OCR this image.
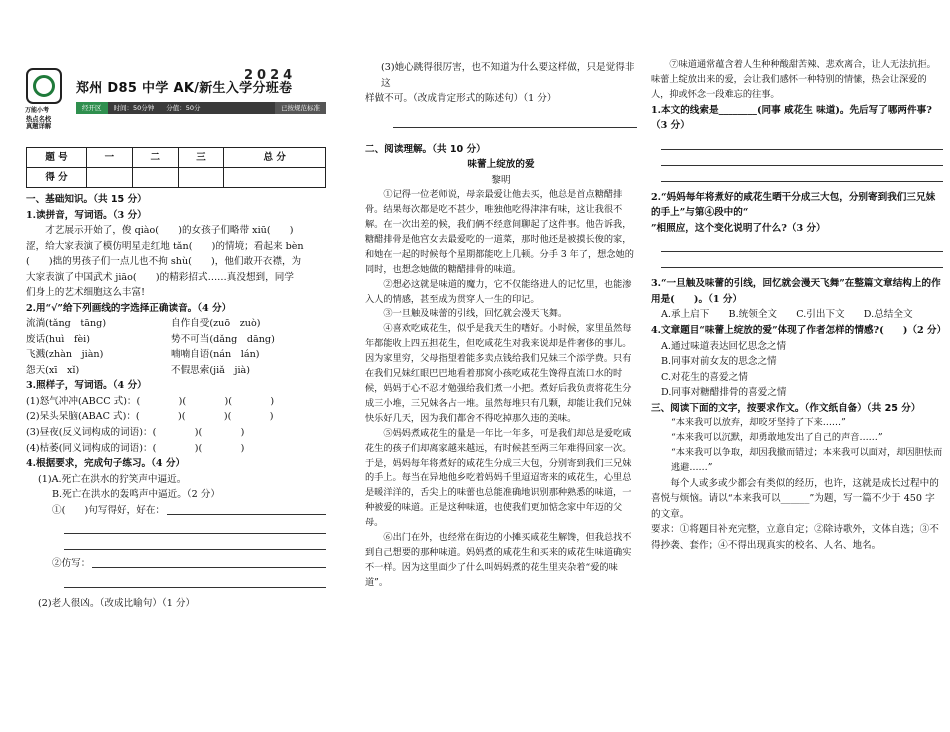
万能小考
热点名校
真题详解
2024
郑州 D85 中学 AK/新生入学分班卷
经开区	时间：50分钟	分值：50分	已按规范标准
题 号	一	二	三	总 分
得 分				
一、基础知识。（共 15 分）
1.读拼音，写词语。（3 分）
才艺展示开始了，俊 qiào(　　)的女孩子们略带 xiū(　　)
涩，给大家表演了模仿明星走红地 tǎn(　　)的情境；看起来 bèn
(　　)拙的男孩子们一点儿也不拘 shù(　　)，他们敢开衣襟，为
大家表演了中国武术 jiāo(　　)的精彩招式……真没想到，同学
们身上的艺术细胞这么丰富!
2.用“√”给下列画线的字选择正确读音。（4 分）
流淌(tǎng　tāng)	自作自受(zuō　zuò)
废话(huì　fèi)	势不可当(dǎng　dāng)
飞溅(zhàn　jiàn)	喃喃自语(nán　lán)
怨天(xī　xǐ)	不假思索(jiǎ　jià)
3.照样子，写词语。（4 分）
(1)怒气冲冲(ABCC 式)：(　　　　)(　　　　)(　　　　)
(2)呆头呆脑(ABAC 式)：(　　　　)(　　　　)(　　　　)
(3)昼夜(反义词构成的词语)：(　　　　)(　　　　)
(4)枯萎(同义词构成的词语)：(　　　　)(　　　　)
4.根据要求，完成句子练习。（4 分）
(1)A.死亡在洪水的狞笑声中逼近。
B.死亡在洪水的轰鸣声中逼近。（2 分）
①(　　)句写得好，好在：
②仿写：
(2)老人很凶。（改成比喻句）（1 分）
(3)她心跳得很厉害，也不知道为什么要这样做，只是觉得非这
样做不可。（改成肯定形式的陈述句）（1 分）
二、阅读理解。（共 10 分）
味蕾上绽放的爱
黎明
①记得一位老师说，母亲最爱让他去买，他总是首点糖醋排骨。结果每次都是吃不甚少，唯独他吃得津津有味，这让我很不解。在一次出差的候，我们俩不经意间聊起了这件事。他告诉我，糖醋排骨是他宫女去最爱吃的一道菜，那时他还是被摸长俊的家，和她在一起的时候每个星期都能吃上几顿。分手 3 年了，想念她的同时，也想念她做的糖醋排骨的味道。
②想必这就是味道的魔力，它不仅能络进人的记忆里，也能渗入人的情感，甚至成为贯穿人一生的印记。
③一旦触及味蕾的引线，回忆就会漫天飞舞。
④喜欢吃咸花生，似乎是我天生的嗜好。小时候，家里虽然每年都能收上四五担花生，但吃咸花生对我来说却是件奢侈的事儿。因为家里穷，父母指望着能多卖点钱给我们兄妹三个添学费。只有在我们兄妹红眼巴巴地看着那窝小孩吃咸花生馋得直流口水的时候，妈妈于心不忍才勉强给我们煮一小把。煮好后我负责将花生分成三小堆，三兄妹各占一堆。虽然每堆只有几颗，却能让我们兄妹快乐好几天，因为我们都舍不得吃掉那久违的美味。
⑤妈妈煮咸花生的量是一年比一年多，可是我们却总是爱吃咸花生的孩子们却离家越来越远，有时候甚至两三年难得回家一次。于是，妈妈每年将煮好的咸花生分成三大包，分别寄到我们三兄妹的手上。每当在异地他乡吃着妈妈千里迢迢寄来的咸花生，心里总是暖洋洋的，舌尖上的味蕾也总能准确地识别那种熟悉的味道，一种被爱的味道。正是这种味道，也使我们更加惦念家中年迈的父母。
⑥出门在外，也经常在街边的小摊买咸花生解馋，但我总找不到自己想要的那种味道。妈妈煮的咸花生和买来的咸花生味道确实不一样。因为这里面少了什么叫妈妈煮的花生里夹杂着“爱的味道”。
⑦味道通常蕴含着人生种种酸甜苦辣、悲欢离合，让人无法抗拒。味蕾上绽放出来的爱，会让我们感怀一种特别的情愫，热会让深爱的人，抑或怀念一段难忘的往事。
1.本文的线索是________(同事 咸花生 味道)。先后写了哪两件事?（3 分）
2.“妈妈每年将煮好的咸花生晒干分成三大包，分别寄到我们三兄妹的手上”与第④段中的“
”相照应，这个变化说明了什么?（3 分）
3.“一旦触及味蕾的引线，回忆就会漫天飞舞”在整篇文章结构上的作用是(　　)。（1 分）
A.承上启下　　B.统领全文　　C.引出下文　　D.总结全文
4.文章题目“味蕾上绽放的爱”体现了作者怎样的情感?(　　)（2 分）
A.通过味道表达回忆思念之情
B.同事对前女友的思念之情
C.对花生的喜爱之情
D.同事对糖醋排骨的喜爱之情
三、阅读下面的文字，按要求作文。（作文纸自备）（共 25 分）
“本来我可以放弃，却咬牙坚持了下来……”
“本来我可以沉默，却勇敢地发出了自己的声音……”
“本来我可以争取，却因我撤而错过；本来我可以面对，却因胆怯而逃避……”
每个人或多或少都会有类似的经历，也许，这就是成长过程中的喜悦与烦恼。请以“本来我可以______”为题，写一篇不少于 450 字的文章。
要求：①将题目补充完整，立意自定；②除诗歌外，文体自选；③不得抄袭、套作；④不得出现真实的校名、人名、地名。
